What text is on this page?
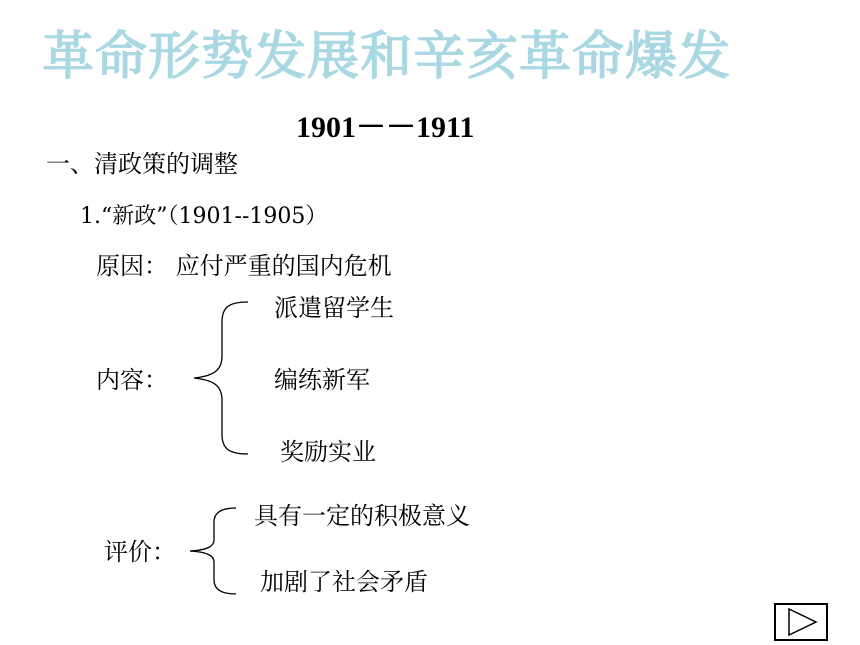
革命形势发展和辛亥革命爆发
1901－－1911
一、清政策的调整
1.“新政”（1901--1905）
原因： 应付严重的国内危机
内容：
派遣留学生
编练新军
奖励实业
评价：
具有一定的积极意义
加剧了社会矛盾
